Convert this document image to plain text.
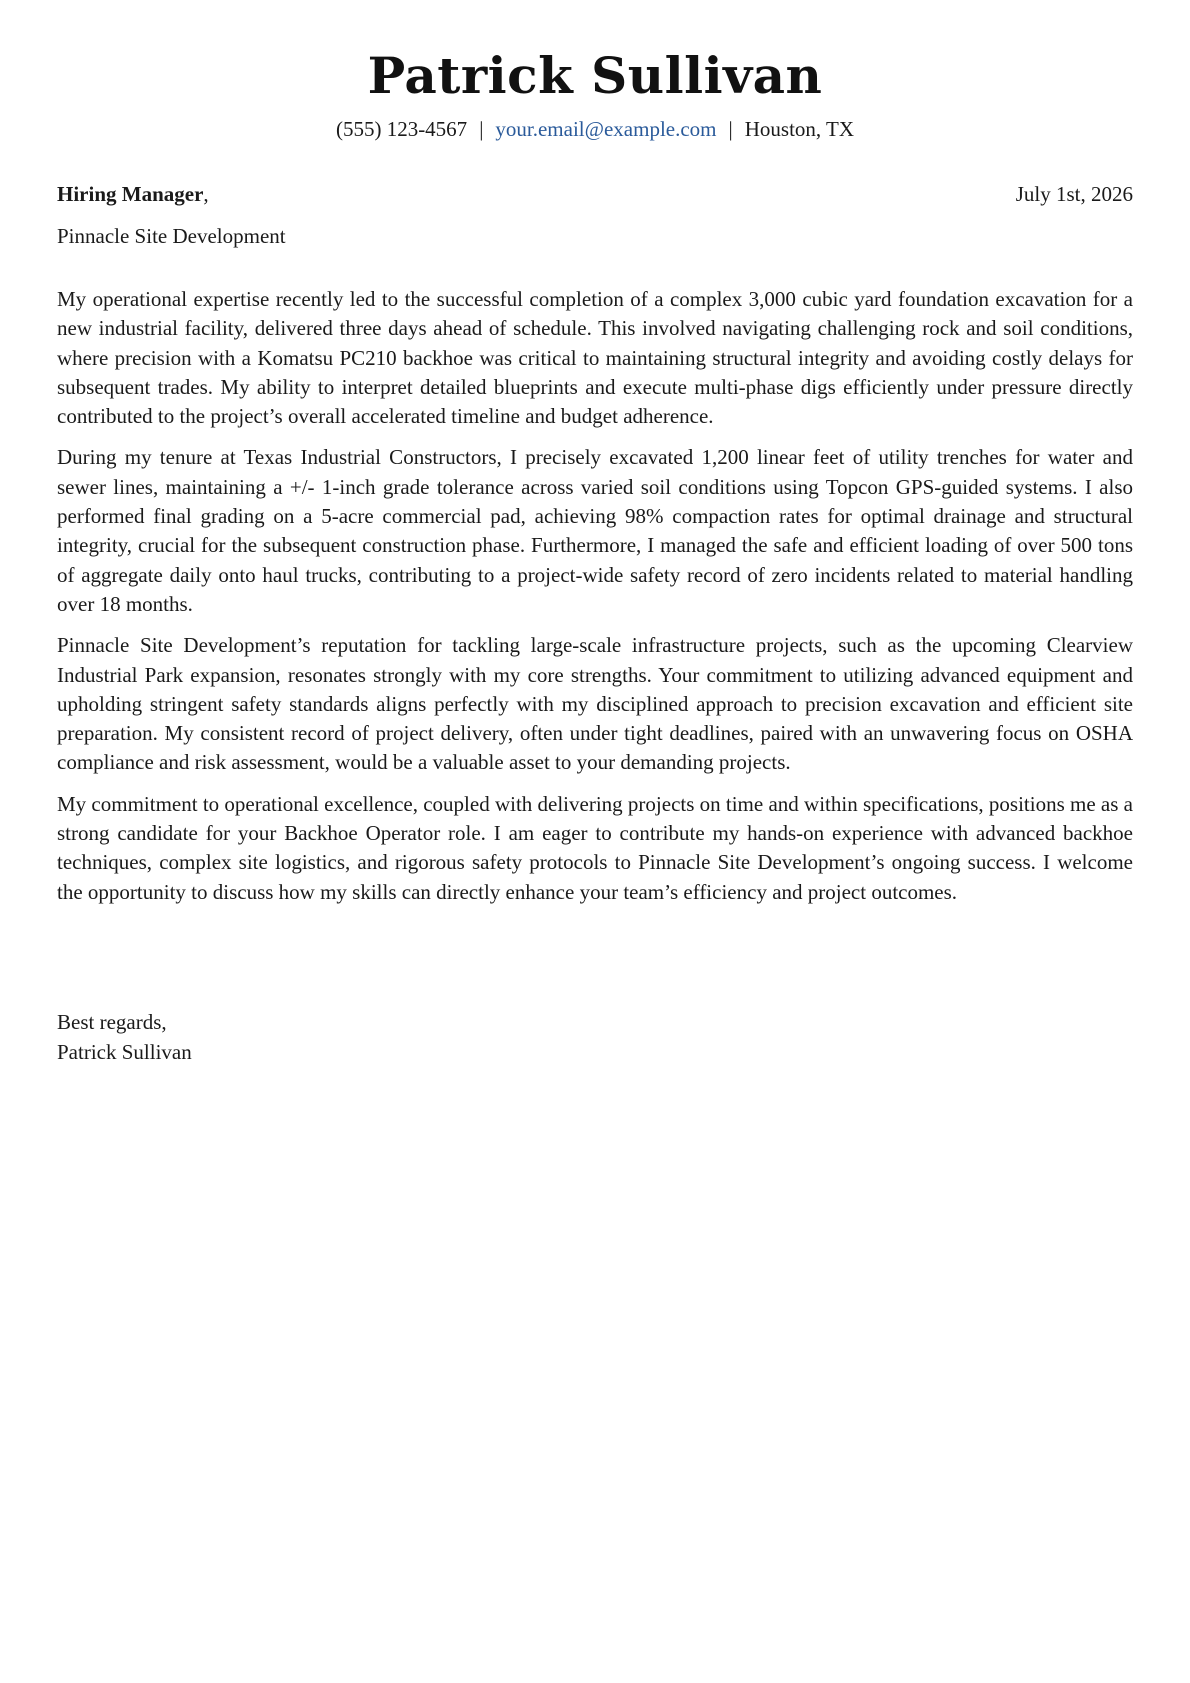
Patrick Sullivan
(555) 123-4567 | your.email@example.com | Houston, TX
Hiring Manager,	July 1st, 2026
Pinnacle Site Development

My operational expertise recently led to the successful completion of a complex 3,000 cubic yard foundation excavation for a new industrial facility, delivered three days ahead of schedule. This involved navigating challenging rock and soil conditions, where precision with a Komatsu PC210 backhoe was critical to maintaining structural integrity and avoiding costly delays for subsequent trades. My ability to interpret detailed blueprints and execute multi-phase digs efficiently under pressure directly contributed to the project’s overall accelerated timeline and budget adherence.

During my tenure at Texas Industrial Constructors, I precisely excavated 1,200 linear feet of utility trenches for water and sewer lines, maintaining a +/- 1-inch grade tolerance across varied soil conditions using Topcon GPS-guided systems. I also performed final grading on a 5-acre commercial pad, achieving 98% compaction rates for optimal drainage and structural integrity, crucial for the subsequent construction phase. Furthermore, I managed the safe and efficient loading of over 500 tons of aggregate daily onto haul trucks, contributing to a project-wide safety record of zero incidents related to material handling over 18 months.

Pinnacle Site Development’s reputation for tackling large-scale infrastructure projects, such as the upcoming Clearview Industrial Park expansion, resonates strongly with my core strengths. Your commitment to utilizing advanced equipment and upholding stringent safety standards aligns perfectly with my disciplined approach to precision excavation and efficient site preparation. My consistent record of project delivery, often under tight deadlines, paired with an unwavering focus on OSHA compliance and risk assessment, would be a valuable asset to your demanding projects.

My commitment to operational excellence, coupled with delivering projects on time and within specifications, positions me as a strong candidate for your Backhoe Operator role. I am eager to contribute my hands-on experience with advanced backhoe techniques, complex site logistics, and rigorous safety protocols to Pinnacle Site Development’s ongoing success. I welcome the opportunity to discuss how my skills can directly enhance your team’s efficiency and project outcomes.

Best regards,
Patrick Sullivan
